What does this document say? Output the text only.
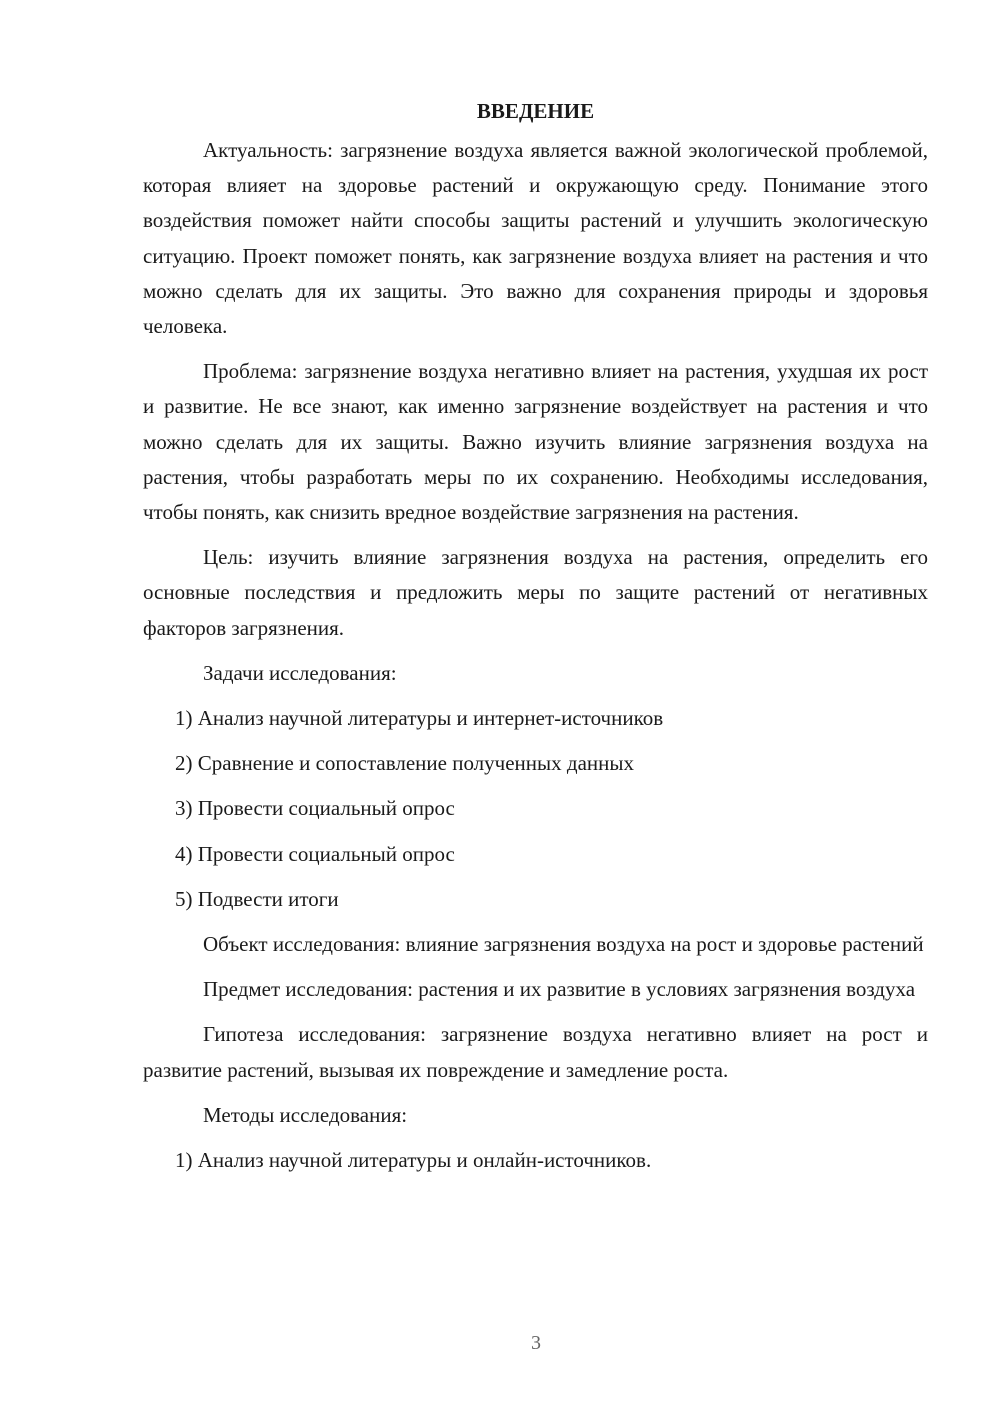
ВВЕДЕНИЕ

Актуальность: загрязнение воздуха является важной экологической проблемой, которая влияет на здоровье растений и окружающую среду. Понимание этого воздействия поможет найти способы защиты растений и улучшить экологическую ситуацию. Проект поможет понять, как загрязнение воздуха влияет на растения и что можно сделать для их защиты. Это важно для сохранения природы и здоровья человека.

Проблема: загрязнение воздуха негативно влияет на растения, ухудшая их рост и развитие. Не все знают, как именно загрязнение воздействует на растения и что можно сделать для их защиты. Важно изучить влияние загрязнения воздуха на растения, чтобы разработать меры по их сохранению. Необходимы исследования, чтобы понять, как снизить вредное воздействие загрязнения на растения.

Цель: изучить влияние загрязнения воздуха на растения, определить его основные последствия и предложить меры по защите растений от негативных факторов загрязнения.

Задачи исследования:

1) Анализ научной литературы и интернет-источников
2) Сравнение и сопоставление полученных данных
3) Провести социальный опрос
4) Провести социальный опрос
5) Подвести итоги

Объект исследования: влияние загрязнения воздуха на рост и здоровье растений

Предмет исследования: растения и их развитие в условиях загрязнения воздуха

Гипотеза исследования: загрязнение воздуха негативно влияет на рост и развитие растений, вызывая их повреждение и замедление роста.

Методы исследования:

1) Анализ научной литературы и онлайн-источников.
3
